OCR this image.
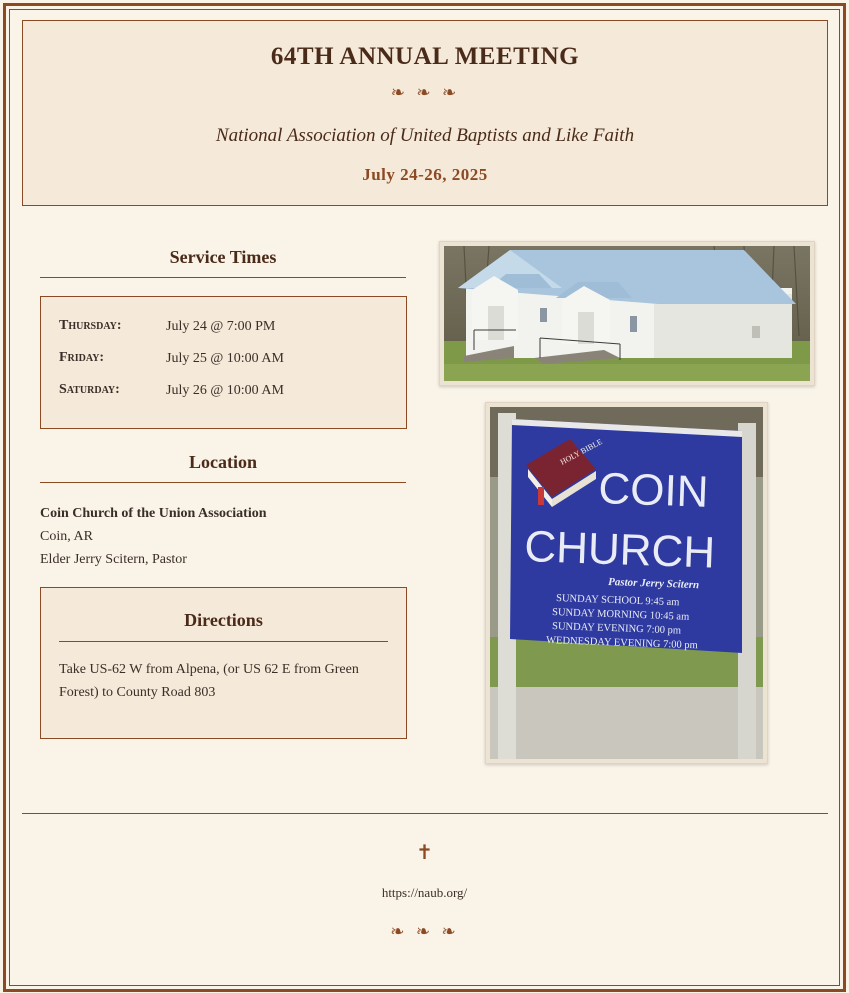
64TH ANNUAL MEETING
❧ ❧ ❧
National Association of United Baptists and Like Faith
July 24-26, 2025
Service Times
Thursday:	July 24 @ 7:00 PM
Friday:	July 25 @ 10:00 AM
Saturday:	July 26 @ 10:00 AM
Location
Coin Church of the Union Association
Coin, AR
Elder Jerry Scitern, Pastor
Directions
Take US-62 W from Alpena, (or US 62 E from Green Forest) to County Road 803
HOLY BIBLE
COIN
CHURCH
Pastor Jerry Scitern
SUNDAY SCHOOL 9:45 am
SUNDAY MORNING 10:45 am
SUNDAY EVENING 7:00 pm
WEDNESDAY EVENING 7:00 pm
✝
https://naub.org/
❧ ❧ ❧
